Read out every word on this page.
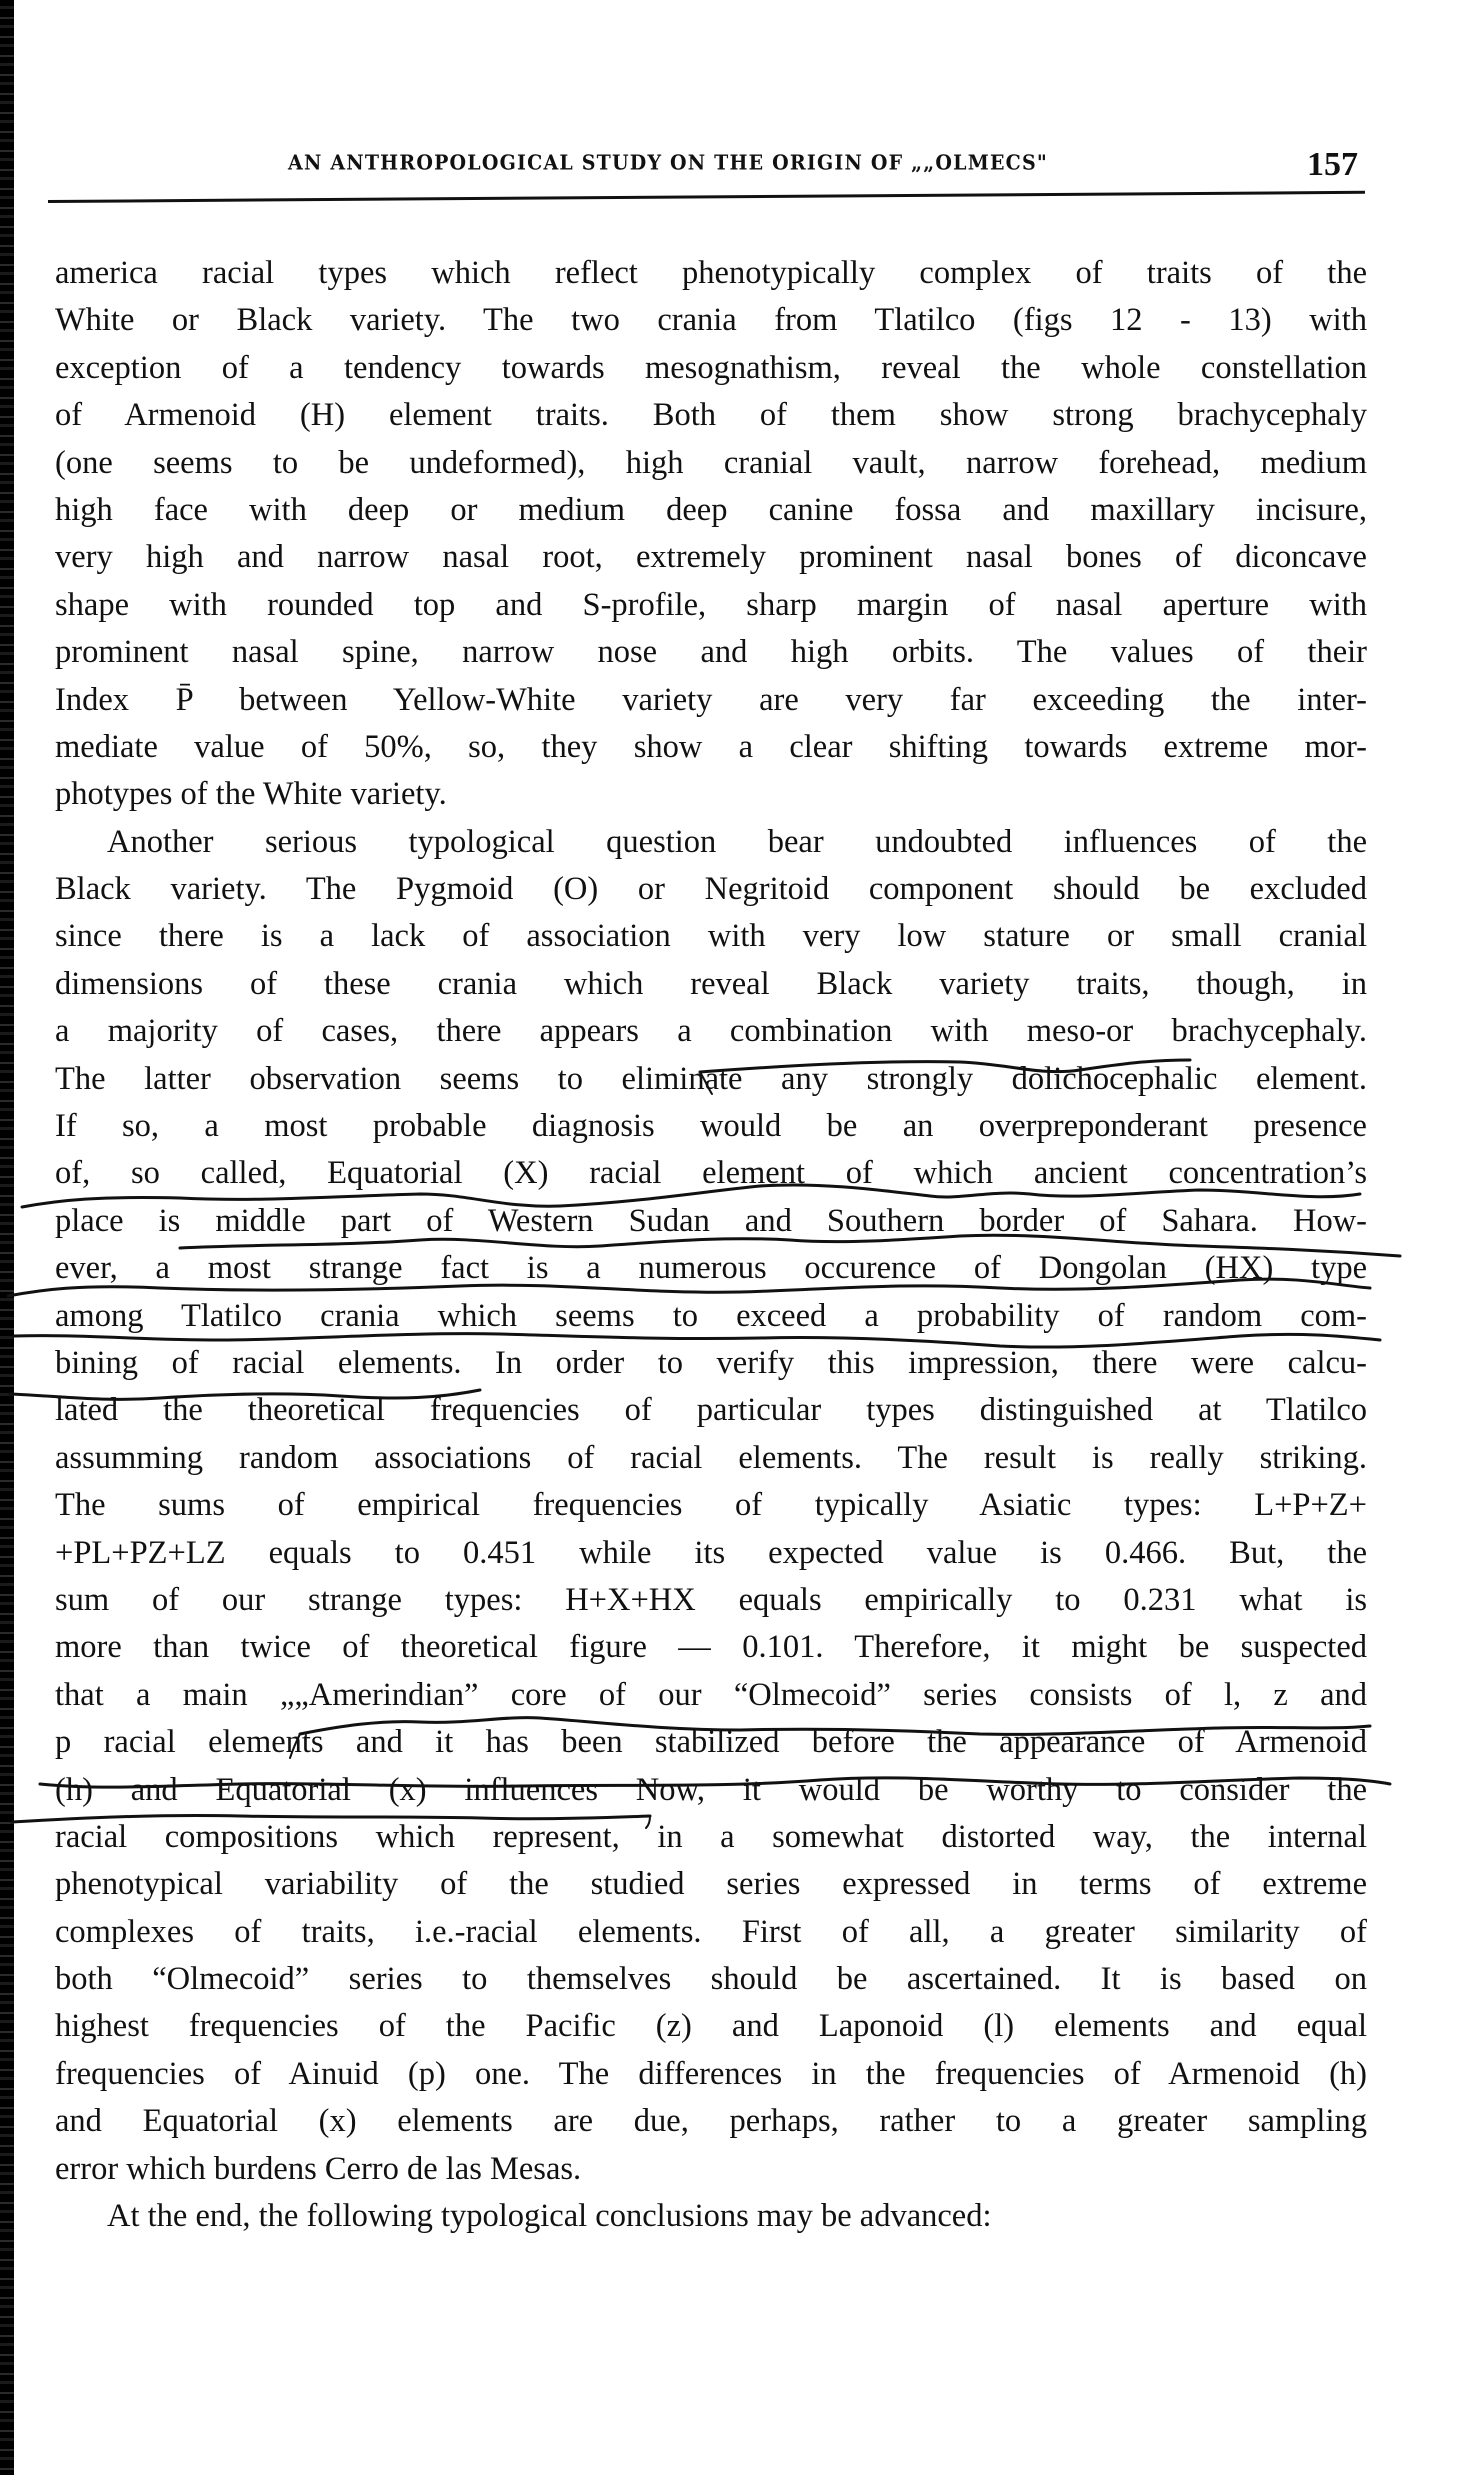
AN ANTHROPOLOGICAL STUDY ON THE ORIGIN OF „„OLMECS"	157
america racial types which reflect phenotypically complex of traits of the
White or Black variety. The two crania from Tlatilco (figs 12 - 13) with
exception of a tendency towards mesognathism, reveal the whole constellation
of Armenoid (H) element traits. Both of them show strong brachycephaly
(one seems to be undeformed), high cranial vault, narrow forehead, medium
high face with deep or medium deep canine fossa and maxillary incisure,
very high and narrow nasal root, extremely prominent nasal bones of diconcave
shape with rounded top and S-profile, sharp margin of nasal aperture with
prominent nasal spine, narrow nose and high orbits. The values of their
Index P̄ between Yellow-White variety are very far exceeding the inter-
mediate value of 50%, so, they show a clear shifting towards extreme mor-
photypes of the White variety.
Another serious typological question bear undoubted influences of the
Black variety. The Pygmoid (O) or Negritoid component should be excluded
since there is a lack of association with very low stature or small cranial
dimensions of these crania which reveal Black variety traits, though, in
a majority of cases, there appears a combination with meso-or brachycephaly.
The latter observation seems to eliminate any strongly dolichocephalic element.
If so, a most probable diagnosis would be an overpreponderant presence
of, so called, Equatorial (X) racial element of which ancient concentration’s
place is middle part of Western Sudan and Southern border of Sahara. How-
ever, a most strange fact is a numerous occurence of Dongolan (HX) type
among Tlatilco crania which seems to exceed a probability of random com-
bining of racial elements. In order to verify this impression, there were calcu-
lated the theoretical frequencies of particular types distinguished at Tlatilco
assumming random associations of racial elements. The result is really striking.
The sums of empirical frequencies of typically Asiatic types: L+P+Z+
+PL+PZ+LZ equals to 0.451 while its expected value is 0.466. But, the
sum of our strange types: H+X+HX equals empirically to 0.231 what is
more than twice of theoretical figure — 0.101. Therefore, it might be suspected
that a main „„Amerindian” core of our “Olmecoid” series consists of l, z and
p racial elements and it has been stabilized before the appearance of Armenoid
(h) and Equatorial (x) influences Now, it would be worthy to consider the
racial compositions which represent, in a somewhat distorted way, the internal
phenotypical variability of the studied series expressed in terms of extreme
complexes of traits, i.e.-racial elements. First of all, a greater similarity of
both “Olmecoid” series to themselves should be ascertained. It is based on
highest frequencies of the Pacific (z) and Laponoid (l) elements and equal
frequencies of Ainuid (p) one. The differences in the frequencies of Armenoid (h)
and Equatorial (x) elements are due, perhaps, rather to a greater sampling
error which burdens Cerro de las Mesas.
At the end, the following typological conclusions may be advanced:
